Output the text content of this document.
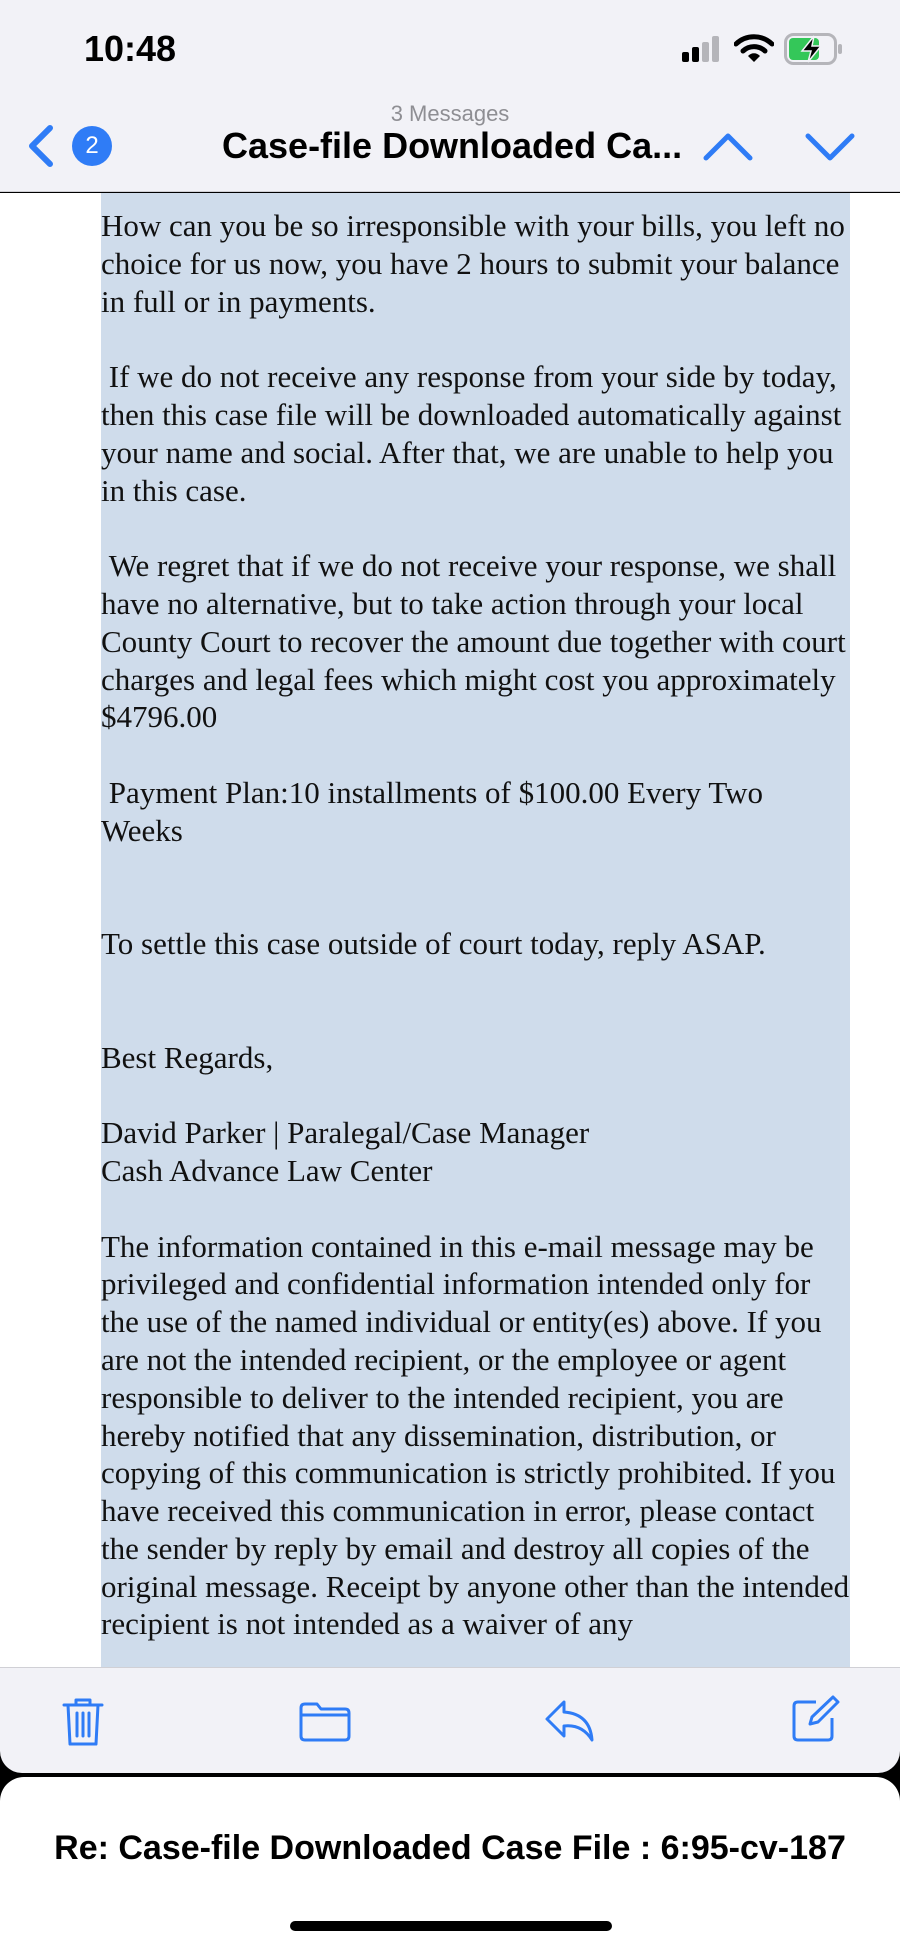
10:48
3 Messages
2	Case-file Downloaded Ca...

How can you be so irresponsible with your bills, you left no choice for us now, you have 2 hours to submit your balance in full or in payments.

If we do not receive any response from your side by today, then this case file will be downloaded automatically against your name and social. After that, we are unable to help you in this case.

We regret that if we do not receive your response, we shall have no alternative, but to take action through your local County Court to recover the amount due together with court charges and legal fees which might cost you approximately $4796.00

Payment Plan:10 installments of $100.00 Every Two Weeks

To settle this case outside of court today, reply ASAP.

Best Regards,

David Parker | Paralegal/Case Manager

Cash Advance Law Center

The information contained in this e-mail message may be privileged and confidential information intended only for the use of the named individual or entity(es) above. If you are not the intended recipient, or the employee or agent responsible to deliver to the intended recipient, you are hereby notified that any dissemination, distribution, or copying of this communication is strictly prohibited. If you have received this communication in error, please contact the sender by reply by email and destroy all copies of the original message. Receipt by anyone other than the intended recipient is not intended as a waiver of any

Re: Case-file Downloaded Case File : 6:95-cv-187
